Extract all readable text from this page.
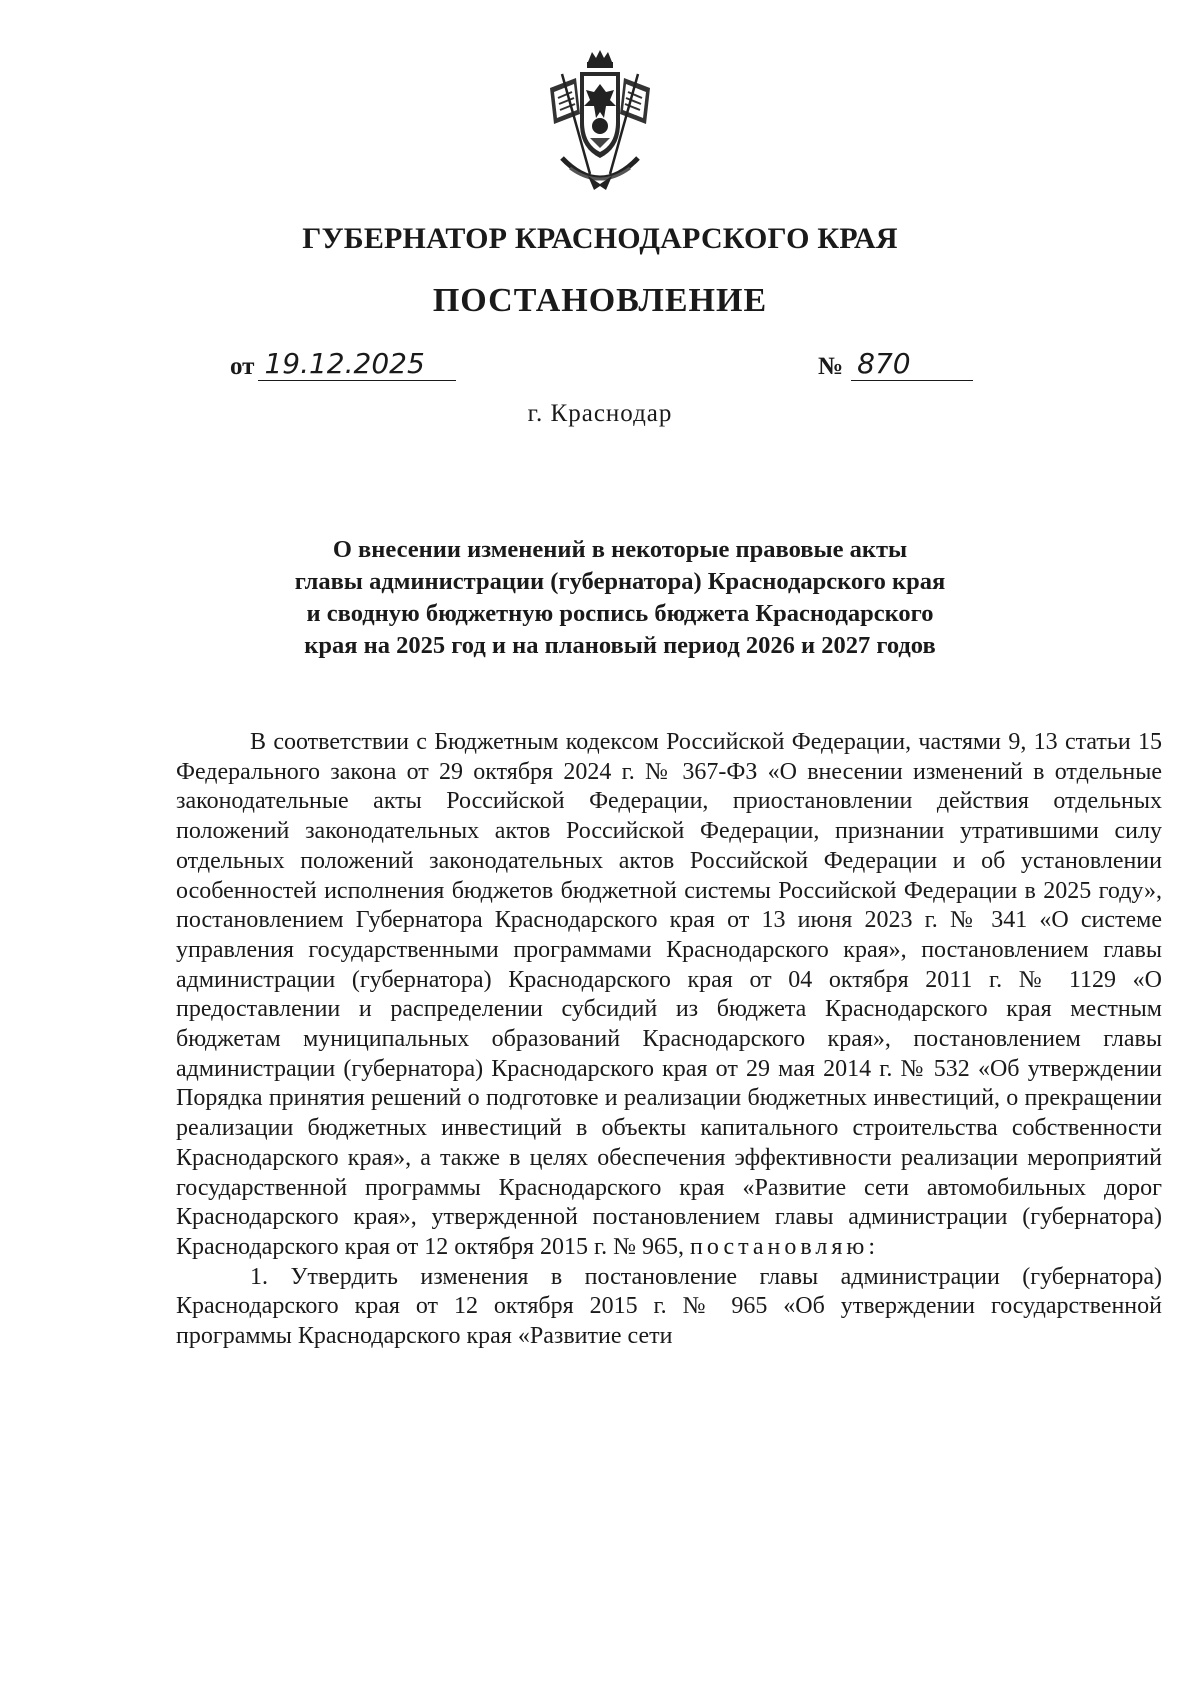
ГУБЕРНАТОР КРАСНОДАРСКОГО КРАЯ
ПОСТАНОВЛЕНИЕ
от 19.12.2025	№ 870
г. Краснодар
О внесении изменений в некоторые правовые акты
главы администрации (губернатора) Краснодарского края
и сводную бюджетную роспись бюджета Краснодарского
края на 2025 год и на плановый период 2026 и 2027 годов

В соответствии с Бюджетным кодексом Российской Федерации, частями 9, 13 статьи 15 Федерального закона от 29 октября 2024 г. № 367-ФЗ «О внесении изменений в отдельные законодательные акты Российской Федерации, приостановлении действия отдельных положений законодательных актов Российской Федерации, признании утратившими силу отдельных положений законодательных актов Российской Федерации и об установлении особенностей исполнения бюджетов бюджетной системы Российской Федерации в 2025 году», постановлением Губернатора Краснодарского края от 13 июня 2023 г. № 341 «О системе управления государственными программами Краснодарского края», постановлением главы администрации (губернатора) Краснодарского края от 04 октября 2011 г. № 1129 «О предоставлении и распределении субсидий из бюджета Краснодарского края местным бюджетам муниципальных образований Краснодарского края», постановлением главы администрации (губернатора) Краснодарского края от 29 мая 2014 г. № 532 «Об утверждении Порядка принятия решений о подготовке и реализации бюджетных инвестиций, о прекращении реализации бюджетных инвестиций в объекты капитального строительства собственности Краснодарского края», а также в целях обеспечения эффективности реализации мероприятий государственной программы Краснодарского края «Развитие сети автомобильных дорог Краснодарского края», утвержденной постановлением главы администрации (губернатора) Краснодарского края от 12 октября 2015 г. № 965, постановляю:

1. Утвердить изменения в постановление главы администрации (губернатора) Краснодарского края от 12 октября 2015 г. № 965 «Об утверждении государственной программы Краснодарского края «Развитие сети
